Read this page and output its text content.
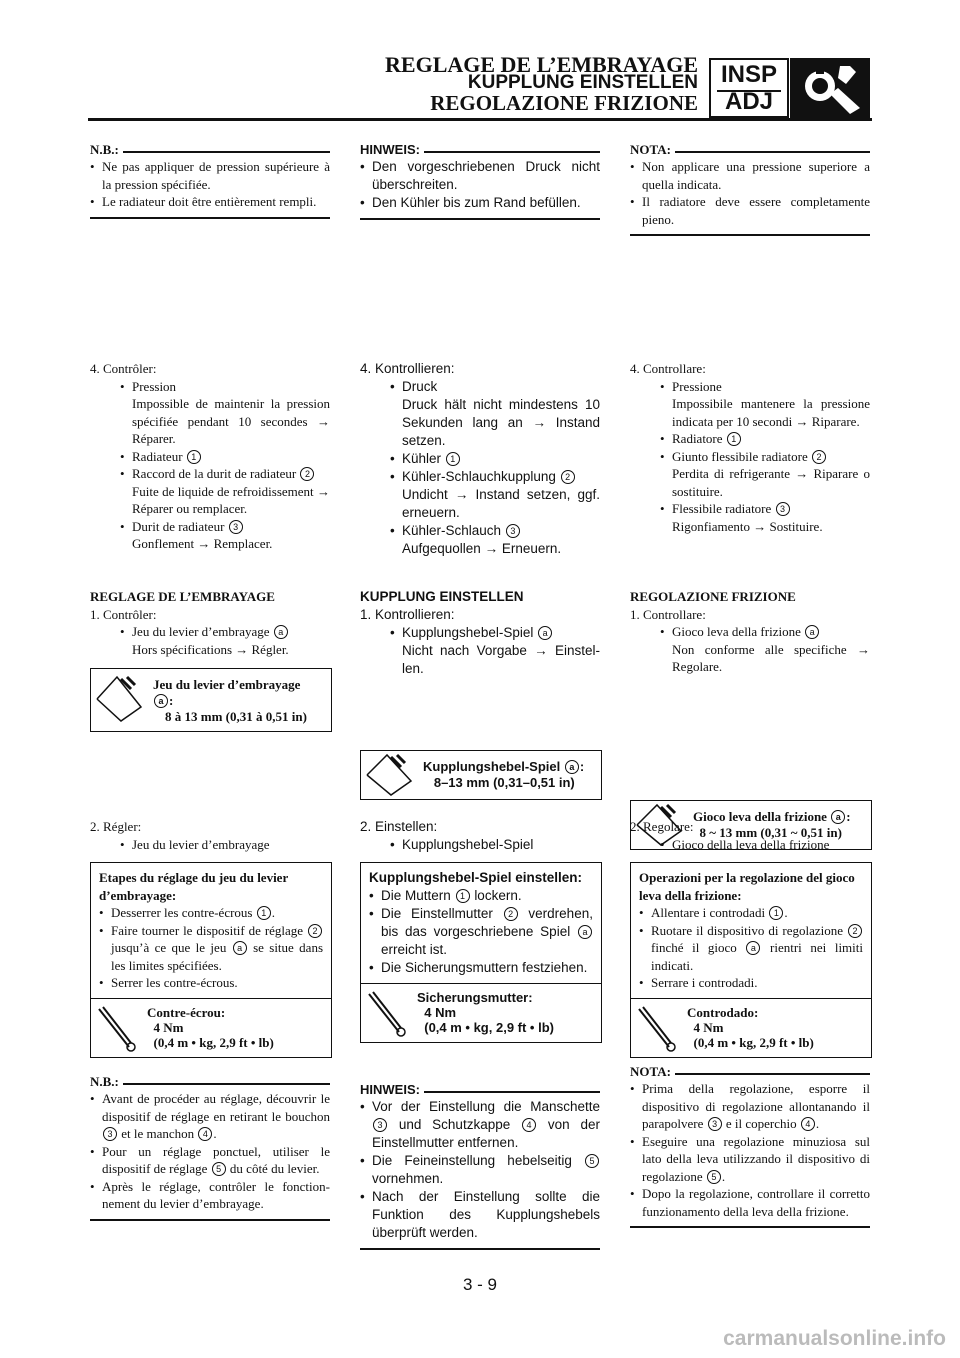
REGLAGE DE L’EMBRAYAGE
KUPPLUNG EINSTELLEN
REGOLAZIONE FRIZIONE
INSP
ADJ
N.B.:
• Ne pas appliquer de pression supérieure à la pression spécifiée.
• Le radiateur doit être entièrement rempli.
4. Contrôler:
• Pression
Impossible de maintenir la pression spécifiée pendant 10 secondes → Réparer.
• Radiateur 1
• Raccord de la durit de radiateur 2
Fuite de liquide de refroidissement → Réparer ou remplacer.
• Durit de radiateur 3
Gonflement → Remplacer.
REGLAGE DE L’EMBRAYAGE
1. Contrôler:
• Jeu du levier d’embrayage a
Hors spécifications → Régler.
Jeu du levier d’embrayage
a :
8 à 13 mm (0,31 à 0,51 in)
2. Régler:
• Jeu du levier d’embrayage
Etapes du réglage du jeu du levier d’embrayage:
• Desserrer les contre-écrous 1 .
• Faire tourner le dispositif de réglage 2 jusqu’à ce que le jeu a se situe dans les limites spécifiées.
• Serrer les contre-écrous.
Contre-écrou:
4 Nm
(0,4 m • kg, 2,9 ft • lb)
N.B.:
• Avant de procéder au réglage, découvrir le dispositif de réglage en retirant le bouchon 3 et le manchon 4 .
• Pour un réglage ponctuel, utiliser le dispositif de réglage 5 du côté du levier.
• Après le réglage, contrôler le fonctionnement du levier d’embrayage.
HINWEIS:
• Den vorgeschriebenen Druck nicht überschreiten.
• Den Kühler bis zum Rand befüllen.
4. Kontrollieren:
• Druck
Druck hält nicht mindestens 10 Sekunden lang an → Instand setzen.
• Kühler 1
• Kühler-Schlauchkupplung 2
Undicht → Instand setzen, ggf. erneuern.
• Kühler-Schlauch 3
Aufgequollen → Erneuern.
KUPPLUNG EINSTELLEN
1. Kontrollieren:
• Kupplungshebel-Spiel a
Nicht nach Vorgabe → Einstellen.
Kupplungshebel-Spiel a :
8–13 mm (0,31–0,51 in)
2. Einstellen:
• Kupplungshebel-Spiel
Kupplungshebel-Spiel einstellen:
• Die Muttern 1 lockern.
• Die Einstellmutter 2 verdrehen, bis das vorgeschriebene Spiel a erreicht ist.
• Die Sicherungsmuttern festziehen.
Sicherungsmutter:
4 Nm
(0,4 m • kg, 2,9 ft • lb)
HINWEIS:
• Vor der Einstellung die Manschette 3 und Schutzkappe 4 von der Einstellmutter entfernen.
• Die Feineinstellung hebelseitig 5 vornehmen.
• Nach der Einstellung sollte die Funktion des Kupplungshebels überprüft werden.
NOTA:
• Non applicare una pressione superiore a quella indicata.
• Il radiatore deve essere completamente pieno.
4. Controllare:
• Pressione
Impossibile mantenere la pressione indicata per 10 secondi → Riparare.
• Radiatore 1
• Giunto flessibile radiatore 2
Perdita di refrigerante → Riparare o sostituire.
• Flessibile radiatore 3
Rigonfiamento → Sostituire.
REGOLAZIONE FRIZIONE
1. Controllare:
• Gioco leva della frizione a
Non conforme alle specifiche → Regolare.
Gioco leva della frizione a :
8 ~ 13 mm (0,31 ~ 0,51 in)
2. Regolare:
• Gioco della leva della frizione
Operazioni per la regolazione del gioco leva della frizione:
• Allentare i controdadi 1 .
• Ruotare il dispositivo di regolazione 2 finché il gioco a rientri nei limiti indicati.
• Serrare i controdadi.
Controdado:
4 Nm
(0,4 m • kg, 2,9 ft • lb)
NOTA:
• Prima della regolazione, esporre il dispositivo di regolazione allontanando il parapolvere 3 e il coperchio 4 .
• Eseguire una regolazione minuziosa sul lato della leva utilizzando il dispositivo di regolazione 5 .
• Dopo la regolazione, controllare il corretto funzionamento della leva della frizione.
3 - 9
carmanualsonline.info
